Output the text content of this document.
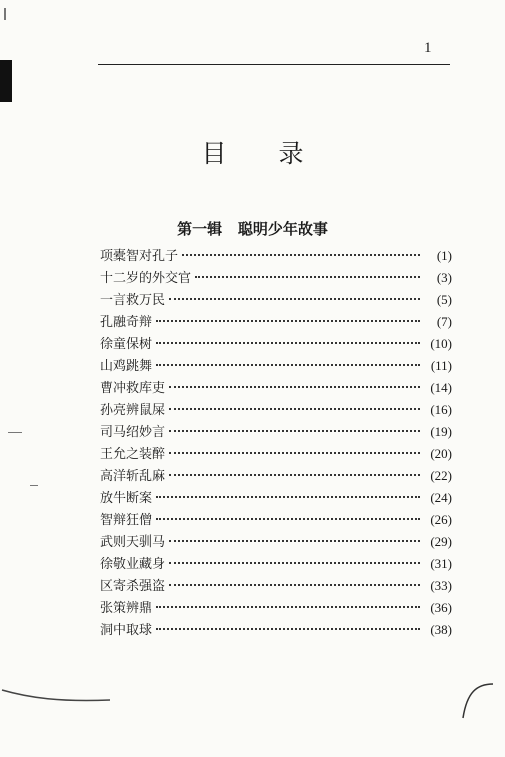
1
目 录
第一辑 聪明少年故事
项橐智对孔子	(1)
十二岁的外交官	(3)
一言救万民	(5)
孔融奇辩	(7)
徐童保树	(10)
山鸡跳舞	(11)
曹冲救库吏	(14)
孙亮辨鼠屎	(16)
司马绍妙言	(19)
王允之装醉	(20)
高洋斩乱麻	(22)
放牛断案	(24)
智辩狂僧	(26)
武则天驯马	(29)
徐敬业藏身	(31)
区寄杀强盗	(33)
张策辨鼎	(36)
洞中取球	(38)
